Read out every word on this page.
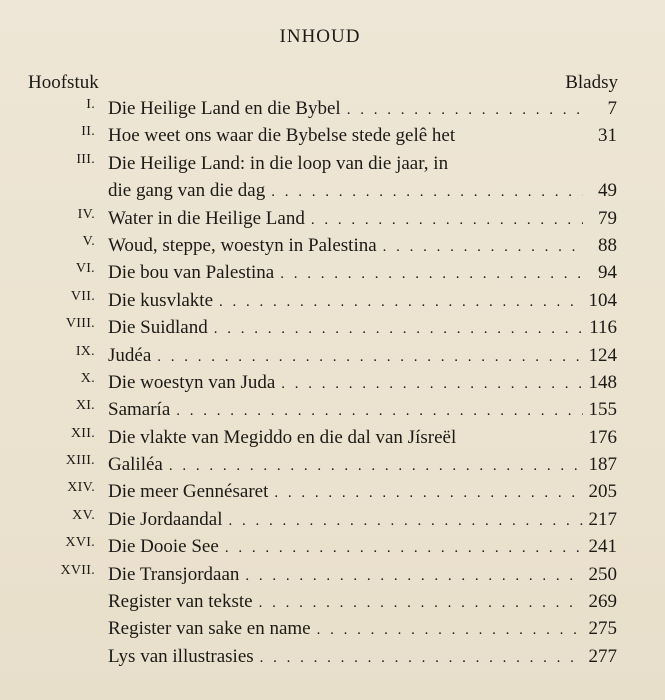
INHOUD
Hoofstuk	Bladsy
I. Die Heilige Land en die Bybel . . .	7
II. Hoe weet ons waar die Bybelse stede gelê het	31
III. Die Heilige Land: in die loop van die jaar, in
die gang van die dag . . .	49
IV. Water in die Heilige Land . . .	79
V. Woud, steppe, woestyn in Palestina . . .	88
VI. Die bou van Palestina . . .	94
VII. Die kusvlakte . . .	104
VIII. Die Suidland . . .	116
IX. Judéa . . .	124
X. Die woestyn van Juda . . .	148
XI. Samaría . . .	155
XII. Die vlakte van Megiddo en die dal van Jísreël	176
XIII. Galiléa . . .	187
XIV. Die meer Gennésaret . . .	205
XV. Die Jordaandal . . .	217
XVI. Die Dooie See . . .	241
XVII. Die Transjordaan . . .	250
Register van tekste . . .	269
Register van sake en name . . .	275
Lys van illustrasies . . .	277
